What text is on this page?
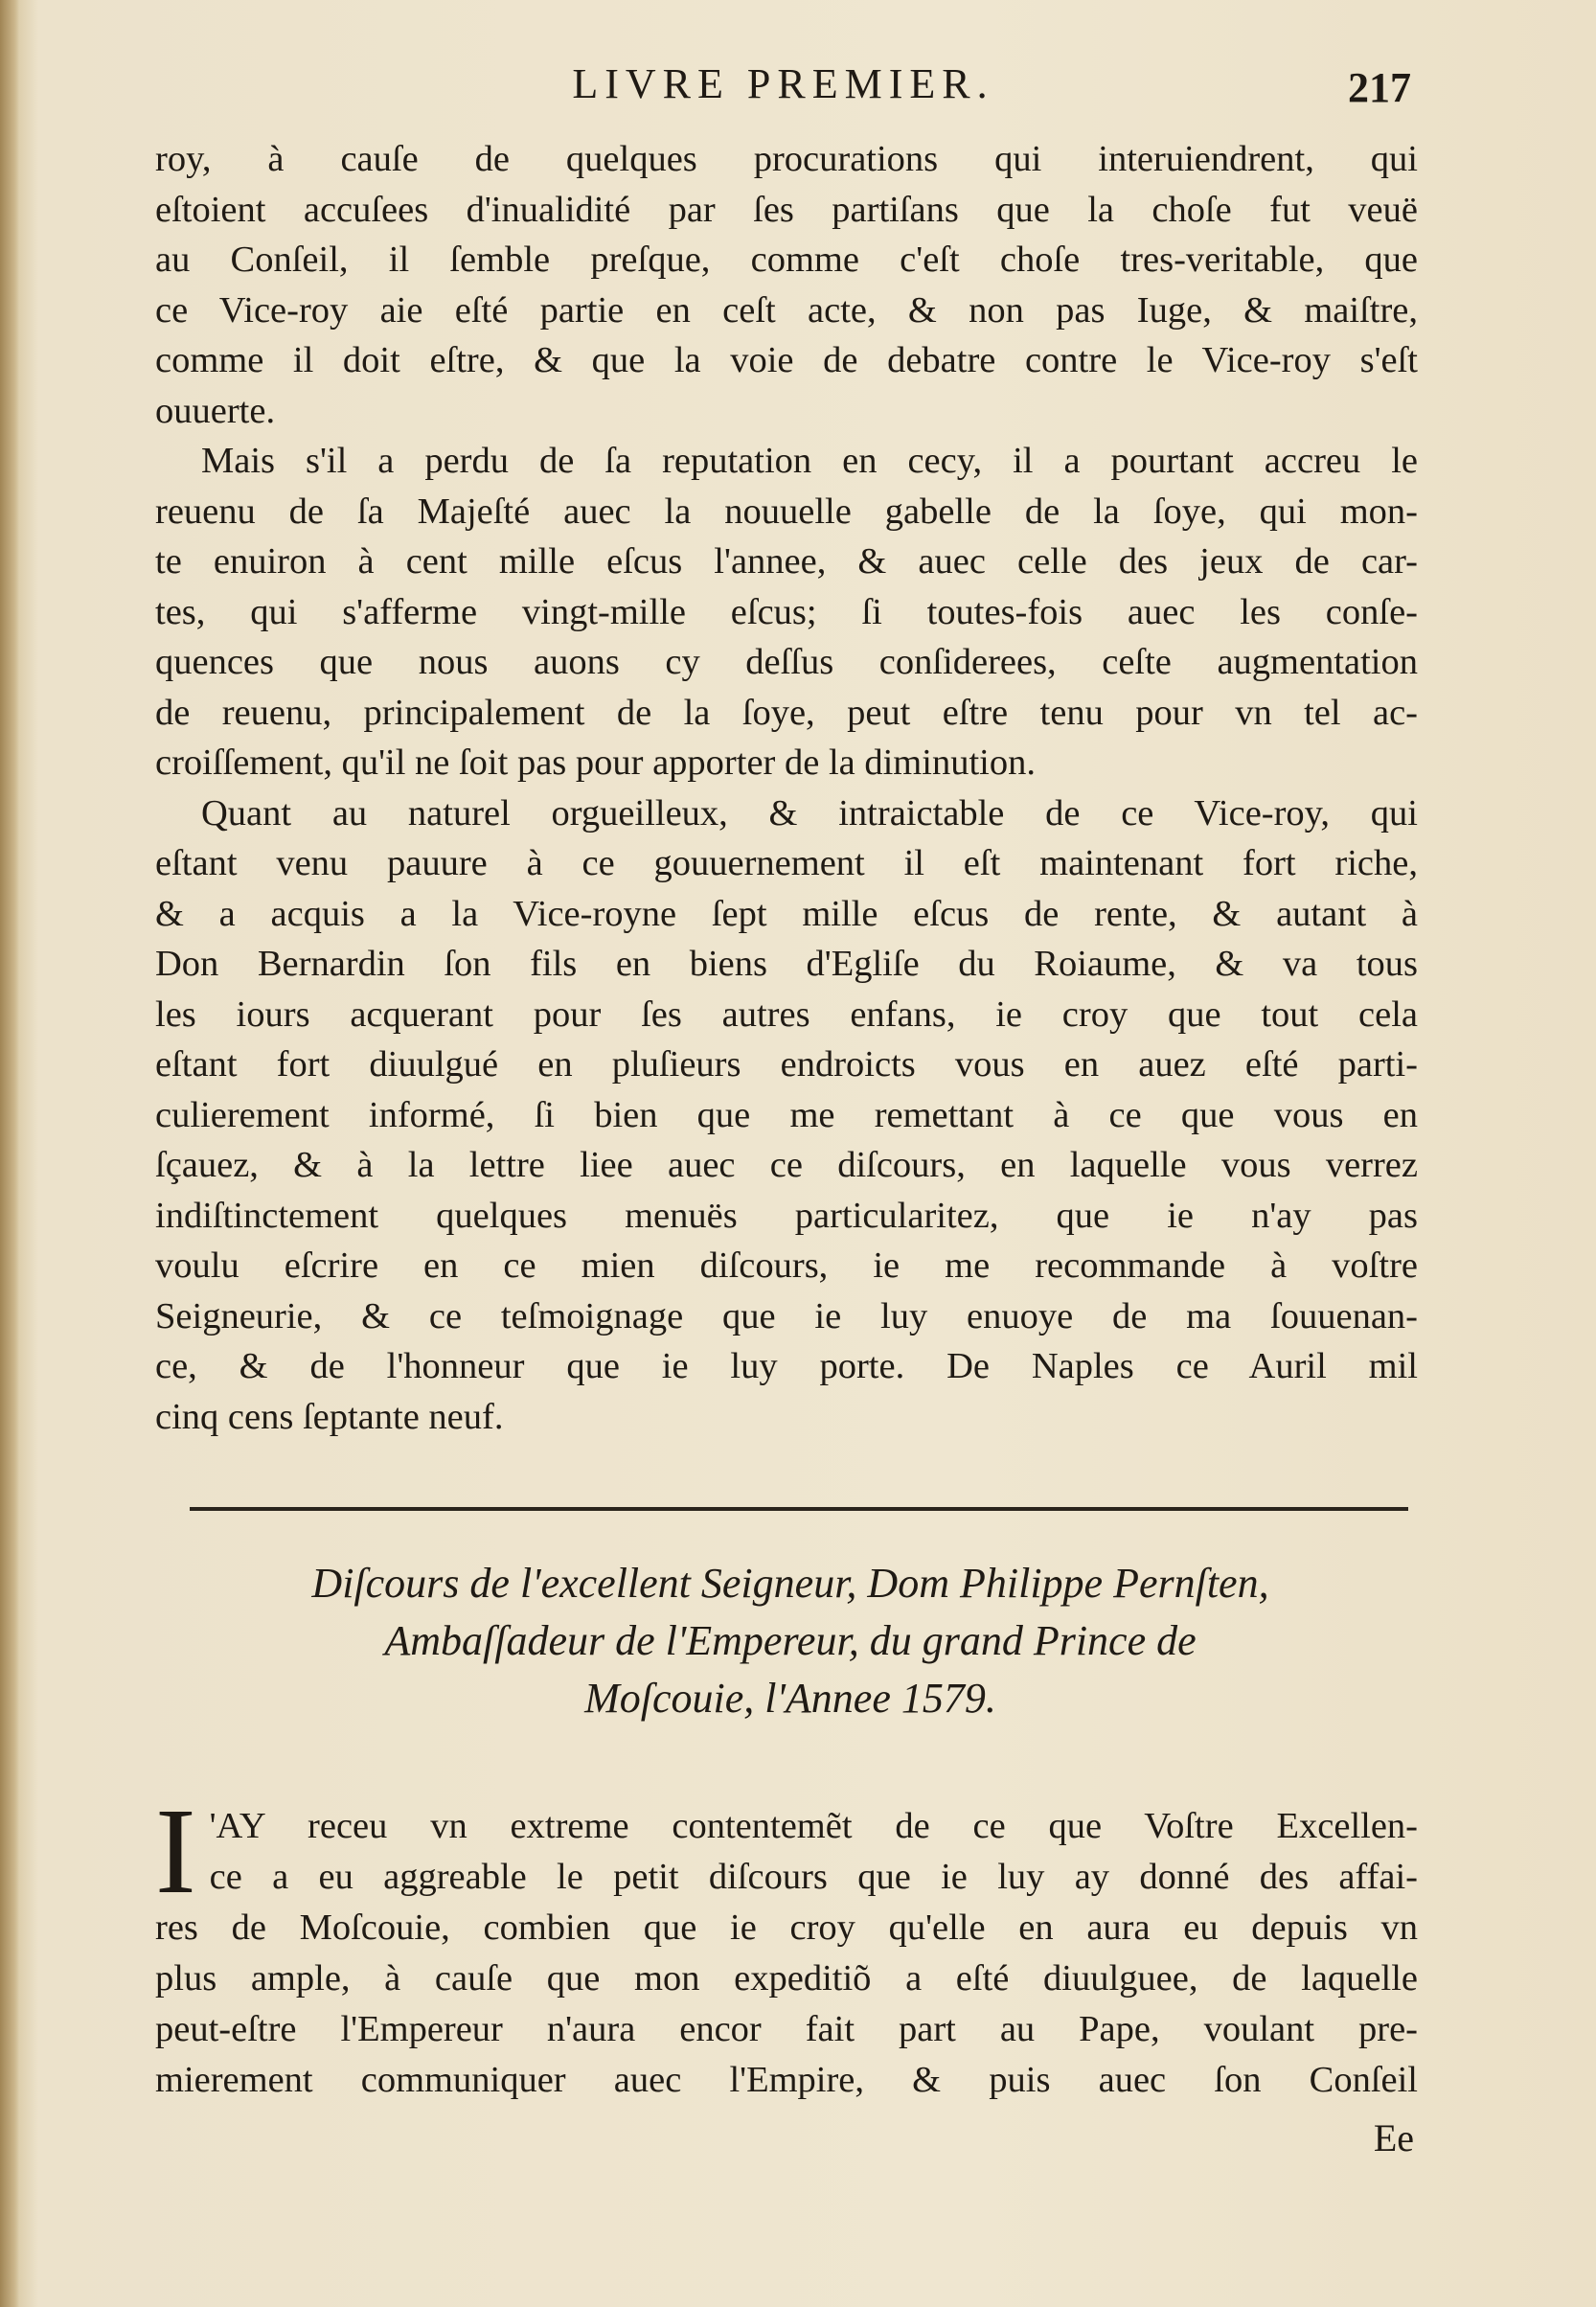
LIVRE PREMIER.	217

roy, à cauſe de quelques procurations qui interuiendrent, qui

eſtoient accuſees d'inualidité par ſes partiſans que la choſe fut veuë

au Conſeil, il ſemble preſque, comme c'eſt choſe tres-veritable, que

ce Vice-roy aie eſté partie en ceſt acte, & non pas Iuge, & maiſtre,

comme il doit eſtre, & que la voie de debatre contre le Vice-roy s'eſt

ouuerte.

Mais s'il a perdu de ſa reputation en cecy, il a pourtant accreu le

reuenu de ſa Majeſté auec la nouuelle gabelle de la ſoye, qui mon-

te enuiron à cent mille eſcus l'annee, & auec celle des jeux de car-

tes, qui s'afferme vingt-mille eſcus; ſi toutes-fois auec les conſe-

quences que nous auons cy deſſus conſiderees, ceſte augmentation

de reuenu, principalement de la ſoye, peut eſtre tenu pour vn tel ac-

croiſſement, qu'il ne ſoit pas pour apporter de la diminution.

Quant au naturel orgueilleux, & intraictable de ce Vice-roy, qui

eſtant venu pauure à ce gouuernement il eſt maintenant fort riche,

& a acquis a la Vice-royne ſept mille eſcus de rente, & autant à

Don Bernardin ſon fils en biens d'Egliſe du Roiaume, & va tous

les iours acquerant pour ſes autres enfans, ie croy que tout cela

eſtant fort diuulgué en pluſieurs endroicts vous en auez eſté parti-

culierement informé, ſi bien que me remettant à ce que vous en

ſçauez, & à la lettre liee auec ce diſcours, en laquelle vous verrez

indiſtinctement quelques menuës particularitez, que ie n'ay pas

voulu eſcrire en ce mien diſcours, ie me recommande à voſtre

Seigneurie, & ce teſmoignage que ie luy enuoye de ma ſouuenan-

ce, & de l'honneur que ie luy porte. De Naples ce Auril mil

cinq cens ſeptante neuf.

Diſcours de l'excellent Seigneur, Dom Philippe Pernſten,
Ambaſſadeur de l'Empereur, du grand Prince de
Moſcouie, l'Annee 1579.
I 'AY receu vn extreme contentemẽt de ce que Voſtre Excellen-

ce a eu aggreable le petit diſcours que ie luy ay donné des affai-

res de Moſcouie, combien que ie croy qu'elle en aura eu depuis vn

plus ample, à cauſe que mon expeditiõ a eſté diuulguee, de laquelle

peut-eſtre l'Empereur n'aura encor fait part au Pape, voulant pre-

mierement communiquer auec l'Empire, & puis auec ſon Conſeil

Ee
